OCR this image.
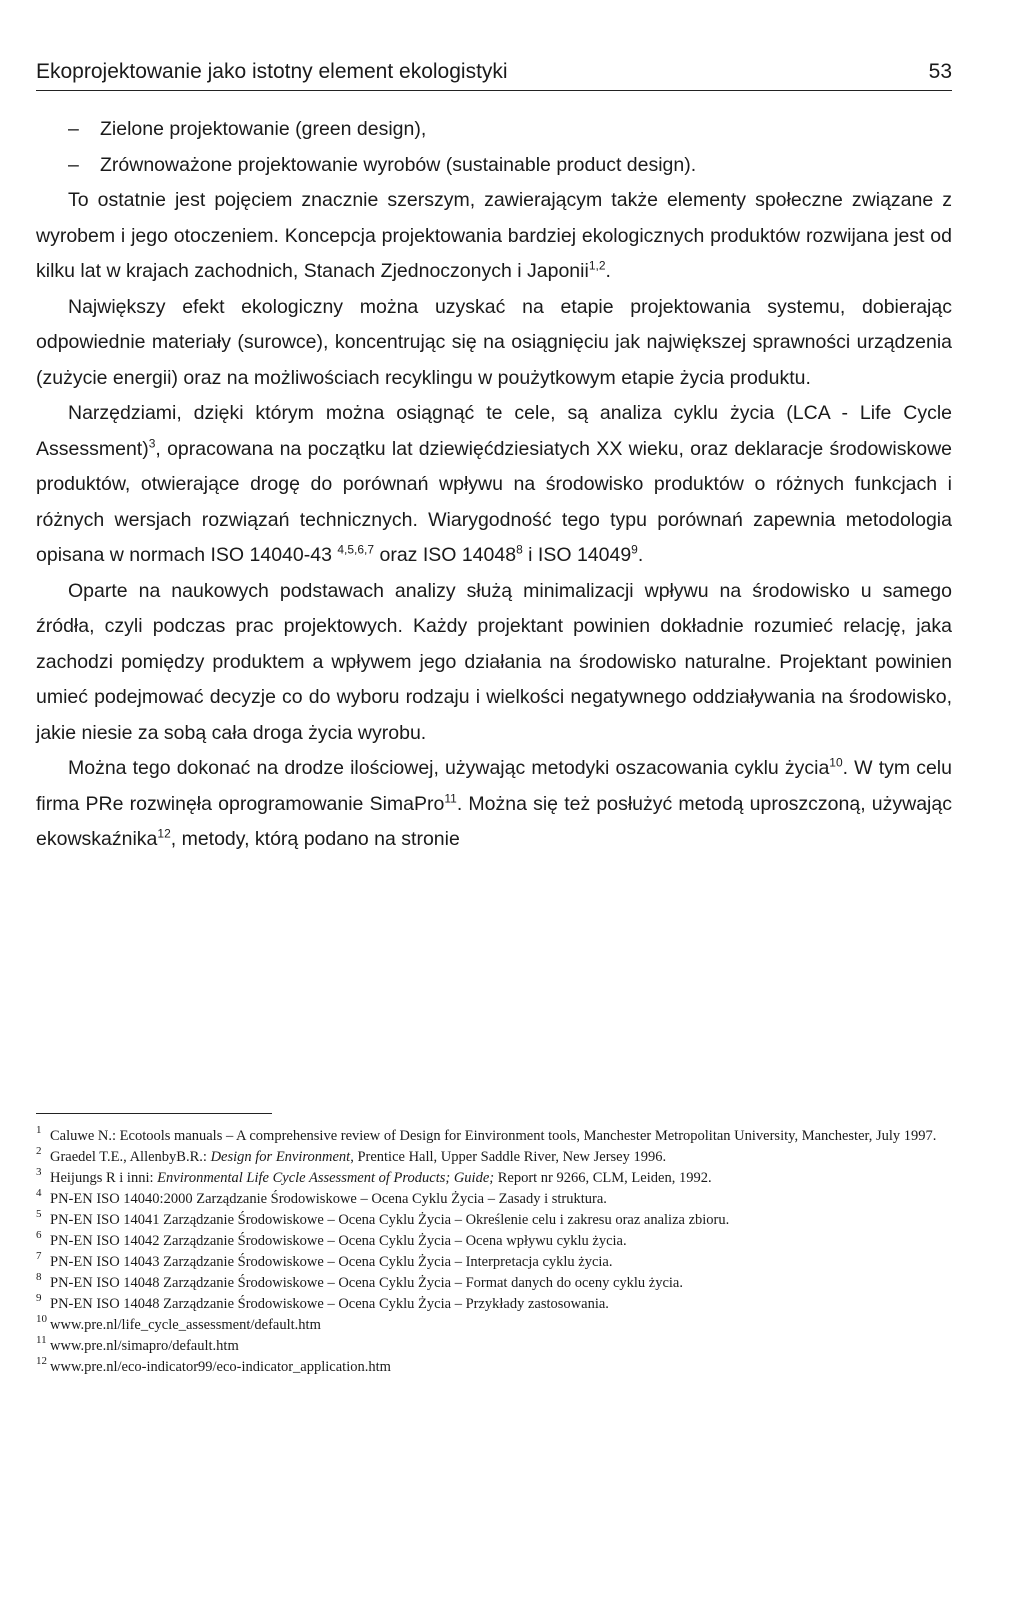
Ekoprojektowanie jako istotny element ekologistyki	53
– Zielone projektowanie (green design),
– Zrównoważone projektowanie wyrobów (sustainable product design).

To ostatnie jest pojęciem znacznie szerszym, zawierającym także elementy społeczne związane z wyrobem i jego otoczeniem. Koncepcja projektowania bardziej ekologicznych produktów rozwijana jest od kilku lat w krajach zachodnich, Stanach Zjednoczonych i Japonii$^{1,2}$.

Największy efekt ekologiczny można uzyskać na etapie projektowania systemu, dobierając odpowiednie materiały (surowce), koncentrując się na osiągnięciu jak największej sprawności urządzenia (zużycie energii) oraz na możliwościach recyklingu w poużytkowym etapie życia produktu.

Narzędziami, dzięki którym można osiągnąć te cele, są analiza cyklu życia (LCA - Life Cycle Assessment)$^3$, opracowana na początku lat dziewięćdziesiatych XX wieku, oraz deklaracje środowiskowe produktów, otwierające drogę do porównań wpływu na środowisko produktów o różnych funkcjach i różnych wersjach rozwiązań technicznych. Wiarygodność tego typu porównań zapewnia metodologia opisana w normach ISO 14040-43 $^{4,5,6,7}$ oraz ISO 14048$^8$ i ISO 14049$^9$.

Oparte na naukowych podstawach analizy służą minimalizacji wpływu na środowisko u samego źródła, czyli podczas prac projektowych. Każdy projektant powinien dokładnie rozumieć relację, jaka zachodzi pomiędzy produktem a wpływem jego działania na środowisko naturalne. Projektant powinien umieć podejmować decyzje co do wyboru rodzaju i wielkości negatywnego oddziaływania na środowisko, jakie niesie za sobą cała droga życia wyrobu.

Można tego dokonać na drodze ilościowej, używając metodyki oszacowania cyklu życia$^{10}$. W tym celu firma PRe rozwinęła oprogramowanie SimaPro$^{11}$. Można się też posłużyć metodą uproszczoną, używając ekowskaźnika$^{12}$, metody, którą podano na stronie

1 Caluwe N.: Ecotools manuals – A comprehensive review of Design for Einvironment tools, Manchester Metropolitan University, Manchester, July 1997.
2 Graedel T.E., AllenbyB.R.: Design for Environment, Prentice Hall, Upper Saddle River, New Jersey 1996.
3 Heijungs R i inni: Environmental Life Cycle Assessment of Products; Guide; Report nr 9266, CLM, Leiden, 1992.
4 PN-EN ISO 14040:2000 Zarządzanie Środowiskowe – Ocena Cyklu Życia – Zasady i struktura.
5 PN-EN ISO 14041 Zarządzanie Środowiskowe – Ocena Cyklu Życia – Określenie celu i zakresu oraz analiza zbioru.
6 PN-EN ISO 14042 Zarządzanie Środowiskowe – Ocena Cyklu Życia – Ocena wpływu cyklu życia.
7 PN-EN ISO 14043 Zarządzanie Środowiskowe – Ocena Cyklu Życia – Interpretacja cyklu życia.
8 PN-EN ISO 14048 Zarządzanie Środowiskowe – Ocena Cyklu Życia – Format danych do oceny cyklu życia.
9 PN-EN ISO 14048 Zarządzanie Środowiskowe – Ocena Cyklu Życia – Przykłady zastosowania.
10 www.pre.nl/life_cycle_assessment/default.htm
11 www.pre.nl/simapro/default.htm
12 www.pre.nl/eco-indicator99/eco-indicator_application.htm
